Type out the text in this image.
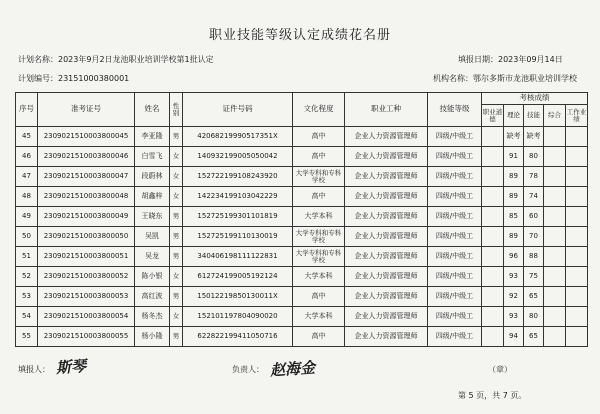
职业技能等级认定成绩花名册
计划名称：2023年9月2日龙池职业培训学校第1批认定	填报日期：2023年09月14日
计划编号：23151000380001	机构名称：鄂尔多斯市龙池职业培训学校
序号	准考证号	姓名	性别	证件号码	文化程度	职业工种	技能等级	考核成绩				
								职业道德	理论	技能	综合	工作业绩
45	2309021510003800045	李亚隆	男	42068219990517351X	高中	企业人力资源管理师	四级/中级工		缺考	缺考		
46	2309021510003800046	白雪飞	女	140932199005050042	高中	企业人力资源管理师	四级/中级工		91	80		
47	2309021510003800047	段蔚林	女	152722199108243920	大学专科和专科学校	企业人力资源管理师	四级/中级工		89	78		
48	2309021510003800048	胡鑫梓	女	142234199103042229	高中	企业人力资源管理师	四级/中级工		89	74		
49	2309021510003800049	王晓东	男	152725199301101819	大学本科	企业人力资源管理师	四级/中级工		85	60		
50	2309021510003800050	吴凯	男	152725199110130019	大学专科和专科学校	企业人力资源管理师	四级/中级工		89	70		
51	2309021510003800051	吴龙	男	340406198111122831	大学专科和专科学校	企业人力资源管理师	四级/中级工		96	88		
52	2309021510003800052	陈小银	女	612724199005192124	大学本科	企业人力资源管理师	四级/中级工		93	75		
53	2309021510003800053	高红波	男	15012219850130011X	高中	企业人力资源管理师	四级/中级工		92	65		
54	2309021510003800054	杨冬杰	女	152101197804090020	大学本科	企业人力资源管理师	四级/中级工		93	80		
55	2309021510003800055	杨小隆	男	622822199411050716	高中	企业人力资源管理师	四级/中级工		94	65		
填报人： 斯琴	负责人： 赵海金	（章）
第 5 页，共 7 页。
